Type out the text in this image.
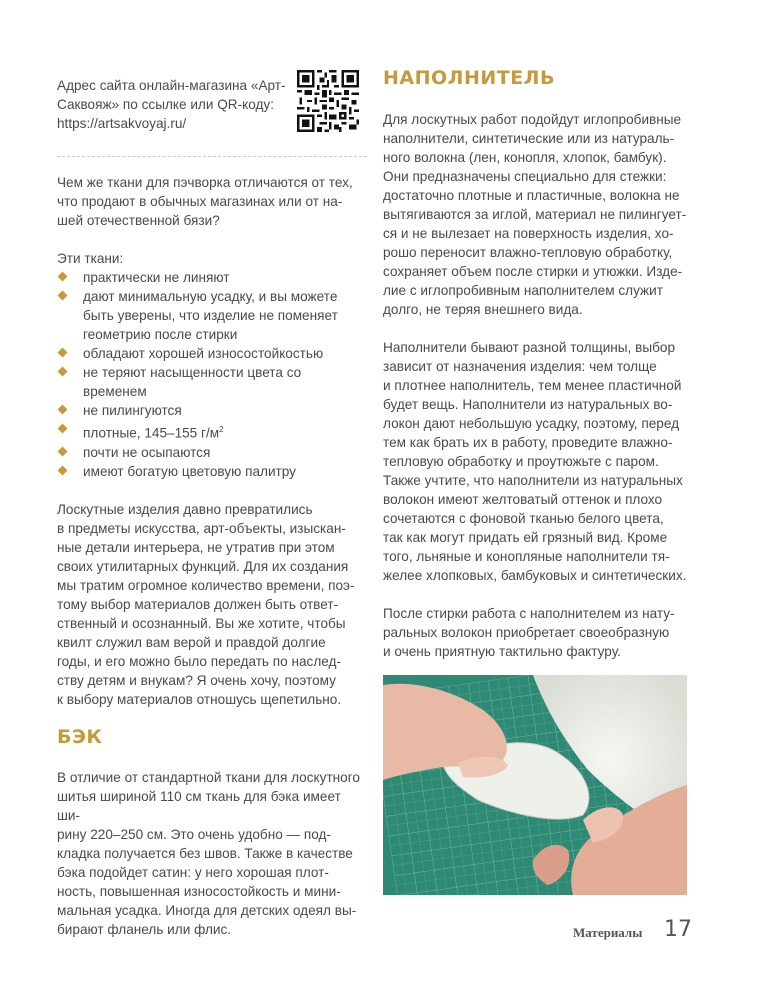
Адрес сайта онлайн-магазина «Арт-
Саквояж» по ссылке или QR-коду:
https://artsakvoyaj.ru/

Чем же ткани для пэчворка отличаются от тех,
что продают в обычных магазинах или от на-
шей отечественной бязи?

Эти ткани:

практически не линяют
дают минимальную усадку, и вы можете
быть уверены, что изделие не поменяет
геометрию после стирки
обладают хорошей износостойкостью
не теряют насыщенности цвета со временем
не пилингуются
плотные, 145–155 $г/м^2$
почти не осыпаются
имеют богатую цветовую палитру

Лоскутные изделия давно превратились
в предметы искусства, арт-объекты, изыскан-
ные детали интерьера, не утратив при этом
своих утилитарных функций. Для их создания
мы тратим огромное количество времени, поэ-
тому выбор материалов должен быть ответ-
ственный и осознанный. Вы же хотите, чтобы
квилт служил вам верой и правдой долгие
годы, и его можно было передать по наслед-
ству детям и внукам? Я очень хочу, поэтому
к выбору материалов отношусь щепетильно.

БЭК

В отличие от стандартной ткани для лоскутного
шитья шириной 110 см ткань для бэка имеет ши-
рину 220–250 см. Это очень удобно — под-
кладка получается без швов. Также в качестве
бэка подойдет сатин: у него хорошая плот-
ность, повышенная износостойкость и мини-
мальная усадка. Иногда для детских одеял вы-
бирают фланель или флис.

НАПОЛНИТЕЛЬ

Для лоскутных работ подойдут иглопробивные
наполнители, синтетические или из натураль-
ного волокна (лен, конопля, хлопок, бамбук).
Они предназначены специально для стежки:
достаточно плотные и пластичные, волокна не
вытягиваются за иглой, материал не пилингует-
ся и не вылезает на поверхность изделия, хо-
рошо переносит влажно-тепловую обработку,
сохраняет объем после стирки и утюжки. Изде-
лие с иглопробивным наполнителем служит
долго, не теряя внешнего вида.

Наполнители бывают разной толщины, выбор
зависит от назначения изделия: чем толще
и плотнее наполнитель, тем менее пластичной
будет вещь. Наполнители из натуральных во-
локон дают небольшую усадку, поэтому, перед
тем как брать их в работу, проведите влажно-
тепловую обработку и проутюжьте с паром.
Также учтите, что наполнители из натуральных
волокон имеют желтоватый оттенок и плохо
сочетаются с фоновой тканью белого цвета,
так как могут придать ей грязный вид. Кроме
того, льняные и конопляные наполнители тя-
желее хлопковых, бамбуковых и синтетических.

После стирки работа с наполнителем из нату-
ральных волокон приобретает своеобразную
и очень приятную тактильно фактуру.

Материалы 17
